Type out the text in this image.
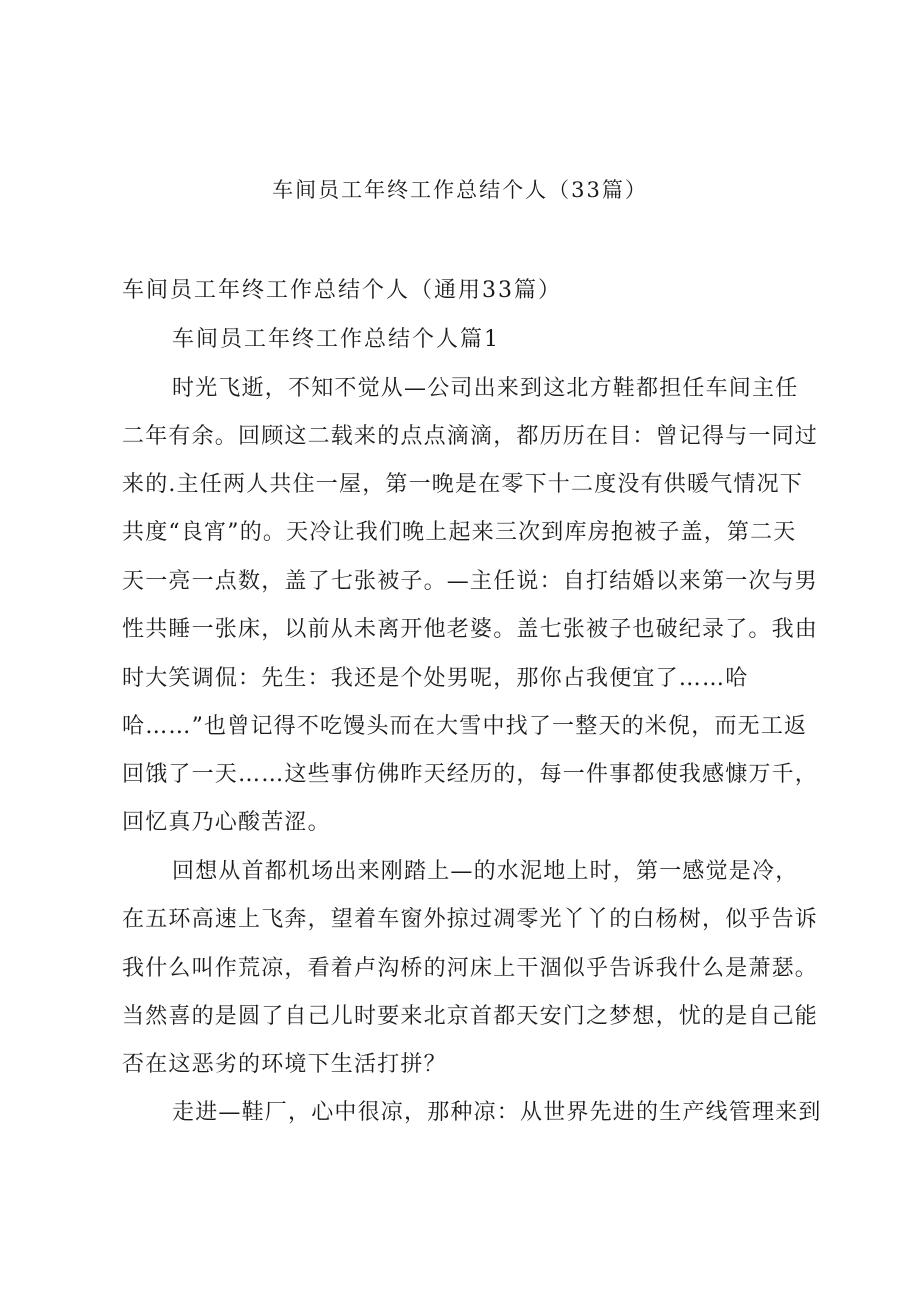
车间员工年终工作总结个人（33篇）
车间员工年终工作总结个人（通用33篇）
车间员工年终工作总结个人篇1
时光飞逝，不知不觉从—公司出来到这北方鞋都担任车间主任
二年有余。回顾这二载来的点点滴滴，都历历在目：曾记得与一同过
来的.主任两人共住一屋，第一晚是在零下十二度没有供暖气情况下
共度“良宵”的。天冷让我们晚上起来三次到库房抱被子盖，第二天
天一亮一点数，盖了七张被子。—主任说：自打结婚以来第一次与男
性共睡一张床，以前从未离开他老婆。盖七张被子也破纪录了。我由
时大笑调侃：先生：我还是个处男呢，那你占我便宜了……哈
哈……”也曾记得不吃馒头而在大雪中找了一整天的米倪，而无工返
回饿了一天……这些事仿佛昨天经历的，每一件事都使我感慷万千，
回忆真乃心酸苦涩。
回想从首都机场出来刚踏上—的水泥地上时，第一感觉是冷，
在五环高速上飞奔，望着车窗外掠过凋零光丫丫的白杨树，似乎告诉
我什么叫作荒凉，看着卢沟桥的河床上干涸似乎告诉我什么是萧瑟。
当然喜的是圆了自己儿时要来北京首都天安门之梦想，忧的是自己能
否在这恶劣的环境下生活打拼？
走进—鞋厂，心中很凉，那种凉：从世界先进的生产线管理来到
